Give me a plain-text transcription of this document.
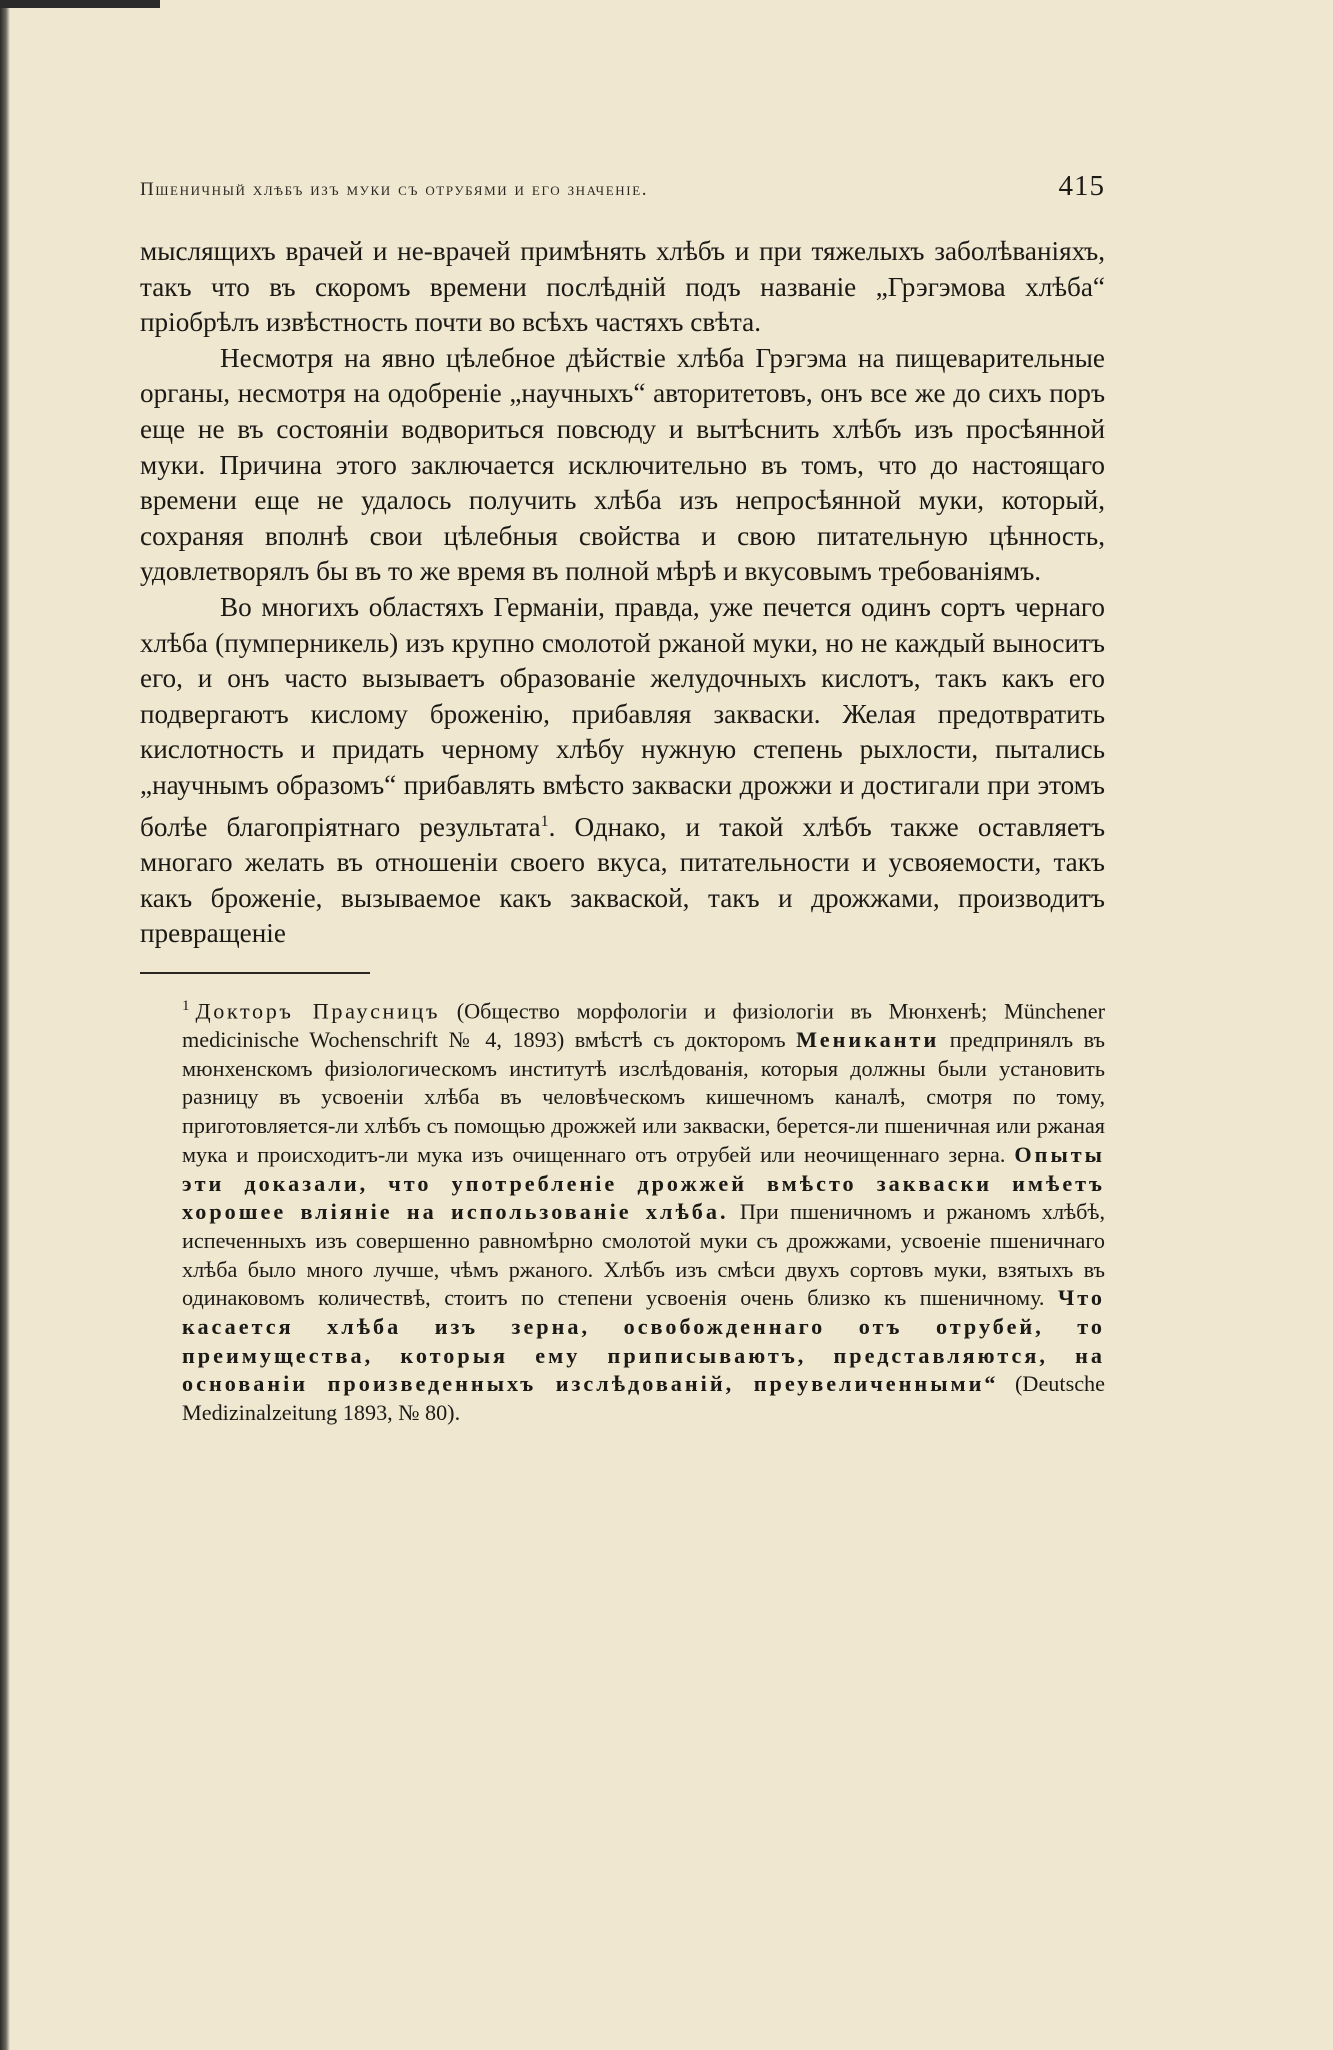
Пшеничный хлѣбъ изъ муки съ отрубями и его значеніе.	415

мыслящихъ врачей и не-врачей примѣнять хлѣбъ и при тяжелыхъ заболѣваніяхъ, такъ что въ скоромъ времени послѣдній подъ названіе „Грэгэмова хлѣба“ пріобрѣлъ извѣстность почти во всѣхъ частяхъ свѣта.

Несмотря на явно цѣлебное дѣйствіе хлѣба Грэгэма на пищеварительные органы, несмотря на одобреніе „научныхъ“ авторитетовъ, онъ все же до сихъ поръ еще не въ состояніи водвориться повсюду и вытѣснить хлѣбъ изъ просѣянной муки. Причина этого заключается исключительно въ томъ, что до настоящаго времени еще не удалось получить хлѣба изъ непросѣянной муки, который, сохраняя вполнѣ свои цѣлебныя свойства и свою питательную цѣнность, удовлетворялъ бы въ то же время въ полной мѣрѣ и вкусовымъ требованіямъ.

Во многихъ областяхъ Германіи, правда, уже печется одинъ сортъ чернаго хлѣба (пумперникель) изъ крупно смолотой ржаной муки, но не каждый выноситъ его, и онъ часто вызываетъ образованіе желудочныхъ кислотъ, такъ какъ его подвергаютъ кислому броженію, прибавляя закваски. Желая предотвратить кислотность и придать черному хлѣбу нужную степень рыхлости, пытались „научнымъ образомъ“ прибавлять вмѣсто закваски дрожжи и достигали при этомъ болѣе благопріятнаго результата$^1$. Однако, и такой хлѣбъ также оставляетъ многаго желать въ отношеніи своего вкуса, питательности и усвояемости, такъ какъ броженіе, вызываемое какъ закваской, такъ и дрожжами, производитъ превращеніе

$^1$ Докторъ Праусницъ (Общество морфологіи и физіологіи въ Мюнхенѣ; Münchener medicinische Wochenschrift № 4, 1893) вмѣстѣ съ докторомъ Мениканти предпринялъ въ мюнхенскомъ физіологическомъ институтѣ изслѣдованія, которыя должны были установить разницу въ усвоеніи хлѣба въ человѣческомъ кишечномъ каналѣ, смотря по тому, приготовляется-ли хлѣбъ съ помощью дрожжей или закваски, берется-ли пшеничная или ржаная мука и происходитъ-ли мука изъ очищеннаго отъ отрубей или неочищеннаго зерна. Опыты эти доказали, что употребленіе дрожжей вмѣсто закваски имѣетъ хорошее вліяніе на использованіе хлѣба. При пшеничномъ и ржаномъ хлѣбѣ, испеченныхъ изъ совершенно равномѣрно смолотой муки съ дрожжами, усвоеніе пшеничнаго хлѣба было много лучше, чѣмъ ржаного. Хлѣбъ изъ смѣси двухъ сортовъ муки, взятыхъ въ одинаковомъ количествѣ, стоитъ по степени усвоенія очень близко къ пшеничному. Что касается хлѣба изъ зерна, освобожденнаго отъ отрубей, то преимущества, которыя ему приписываютъ, представляются, на основаніи произведенныхъ изслѣдованій, преувеличенными“ (Deutsche Medizinalzeitung 1893, № 80).
